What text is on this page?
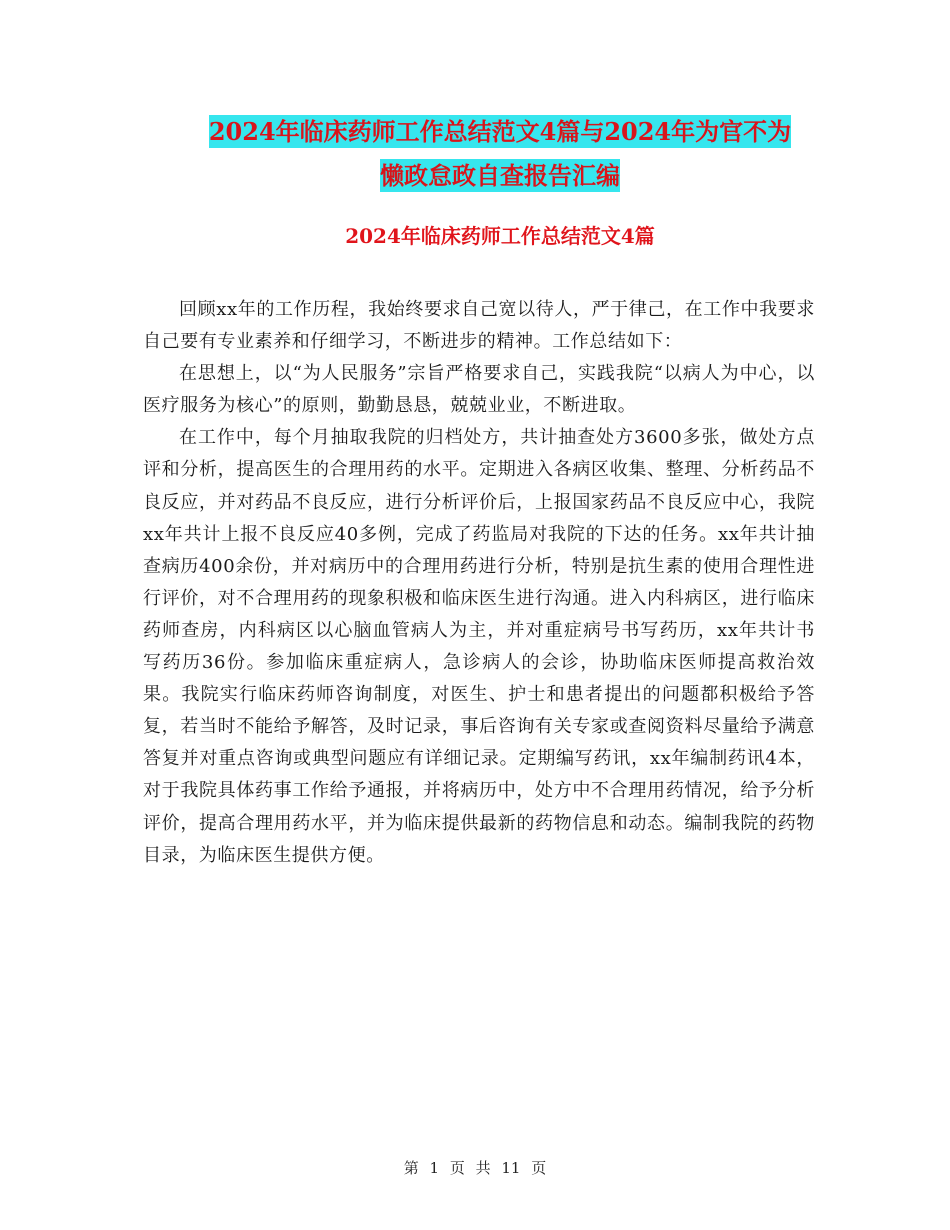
2024年临床药师工作总结范文4篇与2024年为官不为
懒政怠政自查报告汇编
2024年临床药师工作总结范文4篇

回顾xx年的工作历程，我始终要求自己宽以待人，严于律己，在工作中我要求自己要有专业素养和仔细学习，不断进步的精神。工作总结如下：

在思想上，以“为人民服务”宗旨严格要求自己，实践我院“以病人为中心，以医疗服务为核心”的原则，勤勤恳恳，兢兢业业，不断进取。

在工作中，每个月抽取我院的归档处方，共计抽查处方3600多张，做处方点评和分析，提高医生的合理用药的水平。定期进入各病区收集、整理、分析药品不良反应，并对药品不良反应，进行分析评价后，上报国家药品不良反应中心，我院xx年共计上报不良反应40多例，完成了药监局对我院的下达的任务。xx年共计抽查病历400余份，并对病历中的合理用药进行分析，特别是抗生素的使用合理性进行评价，对不合理用药的现象积极和临床医生进行沟通。进入内科病区，进行临床药师查房，内科病区以心脑血管病人为主，并对重症病号书写药历，xx年共计书写药历36份。参加临床重症病人，急诊病人的会诊，协助临床医师提高救治效果。我院实行临床药师咨询制度，对医生、护士和患者提出的问题都积极给予答复，若当时不能给予解答，及时记录，事后咨询有关专家或查阅资料尽量给予满意答复并对重点咨询或典型问题应有详细记录。定期编写药讯，xx年编制药讯4本，对于我院具体药事工作给予通报，并将病历中，处方中不合理用药情况，给予分析评价，提高合理用药水平，并为临床提供最新的药物信息和动态。编制我院的药物目录，为临床医生提供方便。

第 1 页 共 11 页
